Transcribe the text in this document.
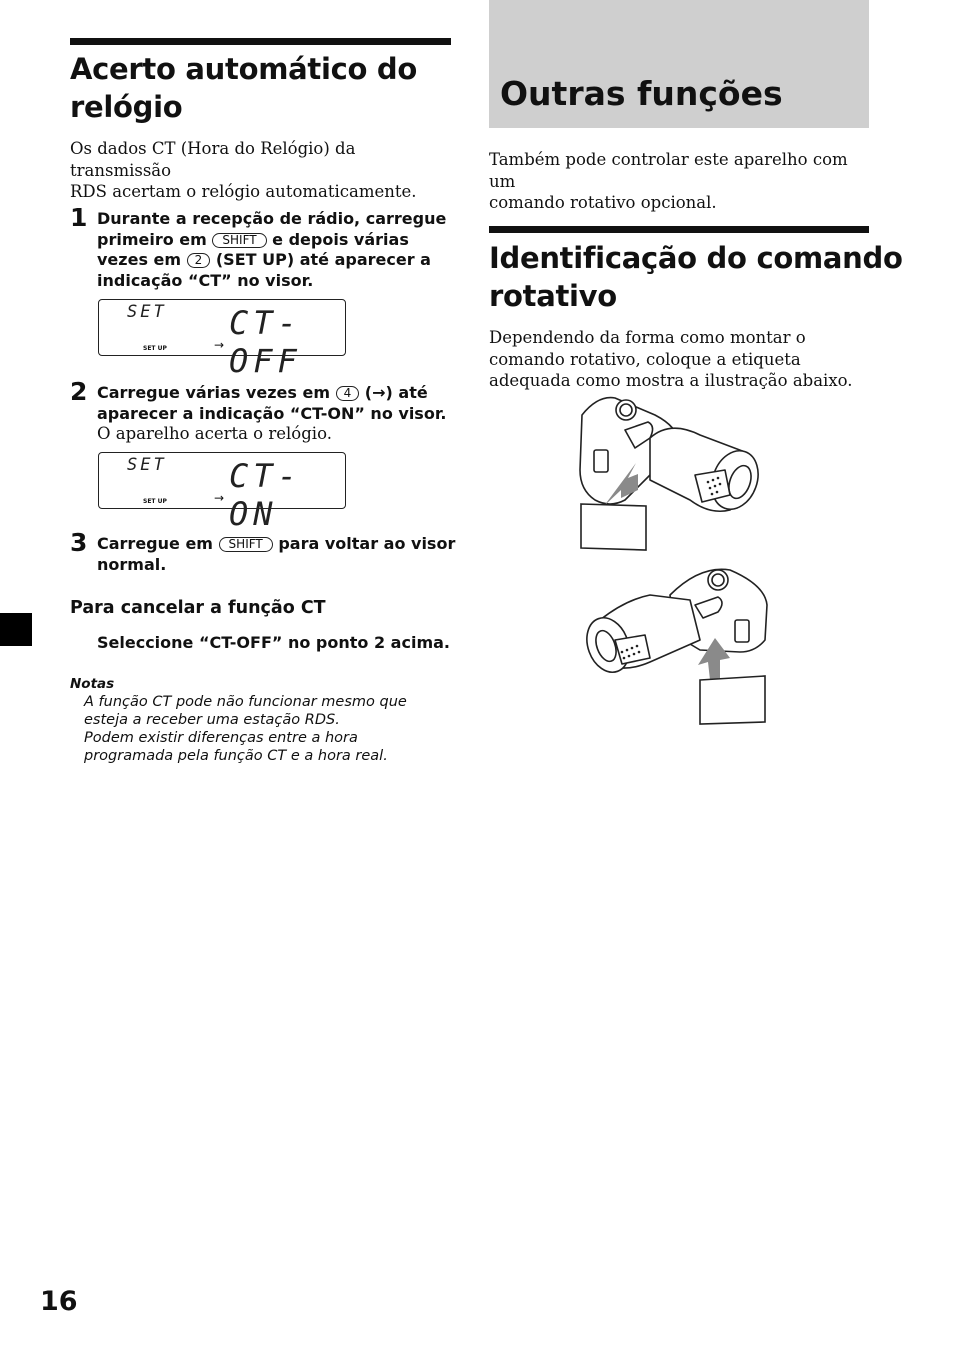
Acerto automático do
relógio
Os dados CT (Hora do Relógio) da transmissão
RDS acertam o relógio automaticamente.
1 Durante a recepção de rádio, carregue
primeiro em SHIFT e depois várias
vezes em 2 (SET UP) até aparecer a
indicação “CT” no visor.
SET CT-OFF
SET UP	→
2 Carregue várias vezes em 4 (→) até
aparecer a indicação “CT-ON” no visor.
O aparelho acerta o relógio.
SET CT-ON
SET UP	→
3 Carregue em SHIFT para voltar ao visor
normal.
Para cancelar a função CT
Seleccione “CT-OFF” no ponto 2 acima.
Notas
A função CT pode não funcionar mesmo que
esteja a receber uma estação RDS.
Podem existir diferenças entre a hora
programada pela função CT e a hora real.
Outras funções
Também pode controlar este aparelho com um
comando rotativo opcional.
Identificação do comando
rotativo
Dependendo da forma como montar o
comando rotativo, coloque a etiqueta
adequada como mostra a ilustração abaixo.
16
